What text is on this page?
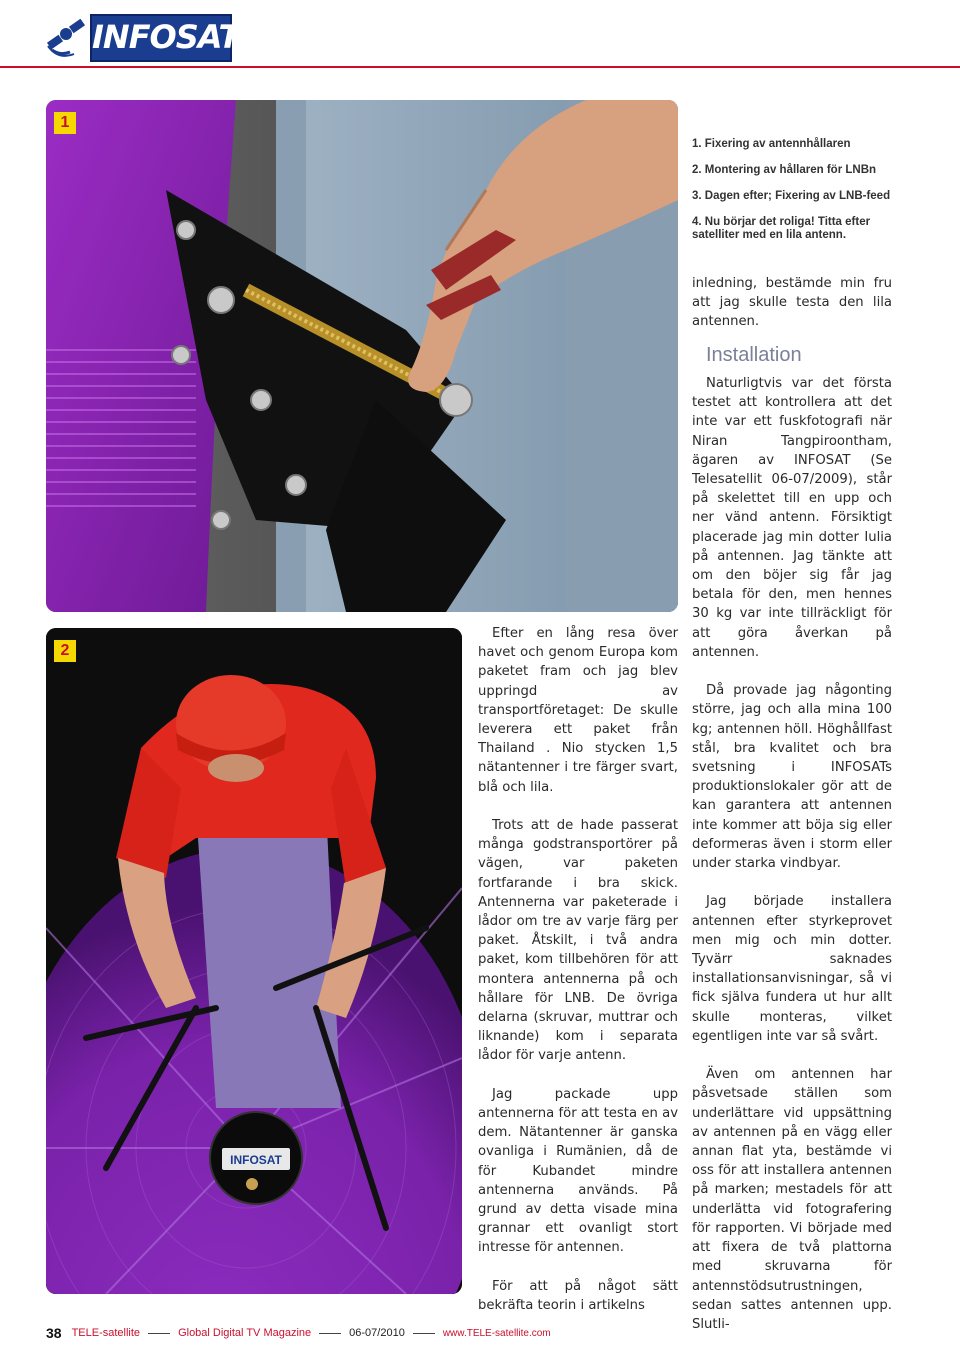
INFOSAT
1
INFOSAT
2

1. Fixering av antennhållaren

2. Montering av hållaren för LNBn

3. Dagen efter; Fixering av LNB-feed

4. Nu börjar det roliga! Titta efter satelliter med en lila antenn.

Efter en lång resa över havet och genom Europa kom paketet fram och jag blev uppringd av transportföretaget: De skulle leverera ett paket från Thailand . Nio stycken 1,5 nätantenner i tre färger svart, blå och lila.

Trots att de hade passerat många godstransportörer på vägen, var paketen fortfarande i bra skick. Antennerna var paketerade i lådor om tre av varje färg per paket. Åtskilt, i två andra paket, kom tillbehören för att montera antennerna på och hållare för LNB. De övriga delarna (skruvar, muttrar och liknande) kom i separata lådor för varje antenn.

Jag packade upp antennerna för att testa en av dem. Nätantenner är ganska ovanliga i Rumänien, då de för Kubandet mindre antennerna används. På grund av detta visade mina grannar ett ovanligt stort intresse för antennen.

För att på något sätt bekräfta teorin i artikelns

inledning, bestämde min fru att jag skulle testa den lila antennen.

Installation

Naturligtvis var det första testet att kontrollera att det inte var ett fuskfotografi när Niran Tangpiroontham, ägaren av INFOSAT (Se Telesatellit 06-07/2009), står på skelettet till en upp och ner vänd antenn. Försiktigt placerade jag min dotter Iulia på antennen. Jag tänkte att om den böjer sig får jag betala för den, men hennes 30 kg var inte tillräckligt för att göra åverkan på antennen.

Då provade jag någonting större, jag och alla mina 100 kg; antennen höll. Höghållfast stål, bra kvalitet och bra svetsning i INFOSATs produktionslokaler gör att de kan garantera att antennen inte kommer att böja sig eller deformeras även i storm eller under starka vindbyar.

Jag började installera antennen efter styrkeprovet men mig och min dotter. Tyvärr saknades installationsanvisningar, så vi fick själva fundera ut hur allt skulle monteras, vilket egentligen inte var så svårt.

Även om antennen har påsvetsade ställen som underlättare vid uppsättning av antennen på en vägg eller annan flat yta, bestämde vi oss för att installera antennen på marken; mestadels för att underlätta vid fotografering för rapporten. Vi började med att fixera de två plattorna med skruvarna för antennstödsutrustningen, sedan sattes antennen upp. Slutli-

38 TELE-satellite	Global Digital TV Magazine	06-07/2010	www.TELE-satellite.com
